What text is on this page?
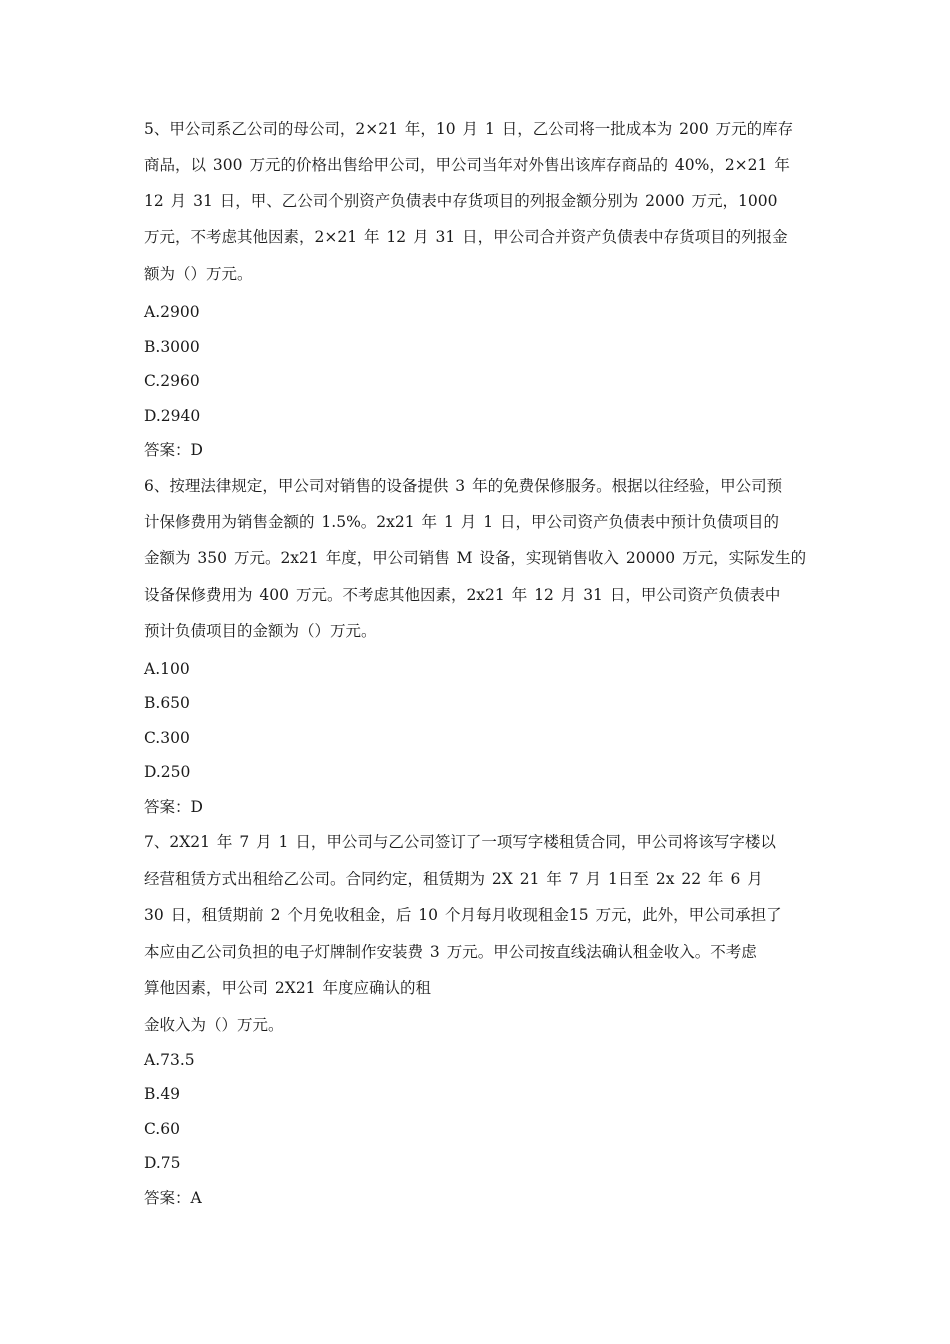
5、甲公司系乙公司的母公司，2×21 年，10 月 1 日，乙公司将一批成本为 200 万元的库存
商品，以 300 万元的价格出售给甲公司，甲公司当年对外售出该库存商品的 40%，2×21 年
12 月 31 日，甲、乙公司个别资产负债表中存货项目的列报金额分别为 2000 万元，1000
万元，不考虑其他因素，2×21 年 12 月 31 日，甲公司合并资产负债表中存货项目的列报金
额为（）万元。
A.2900
B.3000
C.2960
D.2940
答案：D
6、按理法律规定，甲公司对销售的设备提供 3 年的免费保修服务。根据以往经验，甲公司预
计保修费用为销售金额的 1.5%。2x21 年 1 月 1 日，甲公司资产负债表中预计负债项目的
金额为 350 万元。2x21 年度，甲公司销售 M 设备，实现销售收入 20000 万元，实际发生的
设备保修费用为 400 万元。不考虑其他因素，2x21 年 12 月 31 日，甲公司资产负债表中
预计负债项目的金额为（）万元。
A.100
B.650
C.300
D.250
答案：D
7、2X21 年 7 月 1 日，甲公司与乙公司签订了一项写字楼租赁合同，甲公司将该写字楼以
经营租赁方式出租给乙公司。合同约定，租赁期为 2X 21 年 7 月 1日至 2x 22 年 6 月
30 日，租赁期前 2 个月免收租金，后 10 个月每月收现租金15 万元，此外，甲公司承担了
本应由乙公司负担的电子灯牌制作安装费 3 万元。甲公司按直线法确认租金收入。不考虑
算他因素，甲公司 2X21 年度应确认的租
金收入为（）万元。
A.73.5
B.49
C.60
D.75
答案：A
